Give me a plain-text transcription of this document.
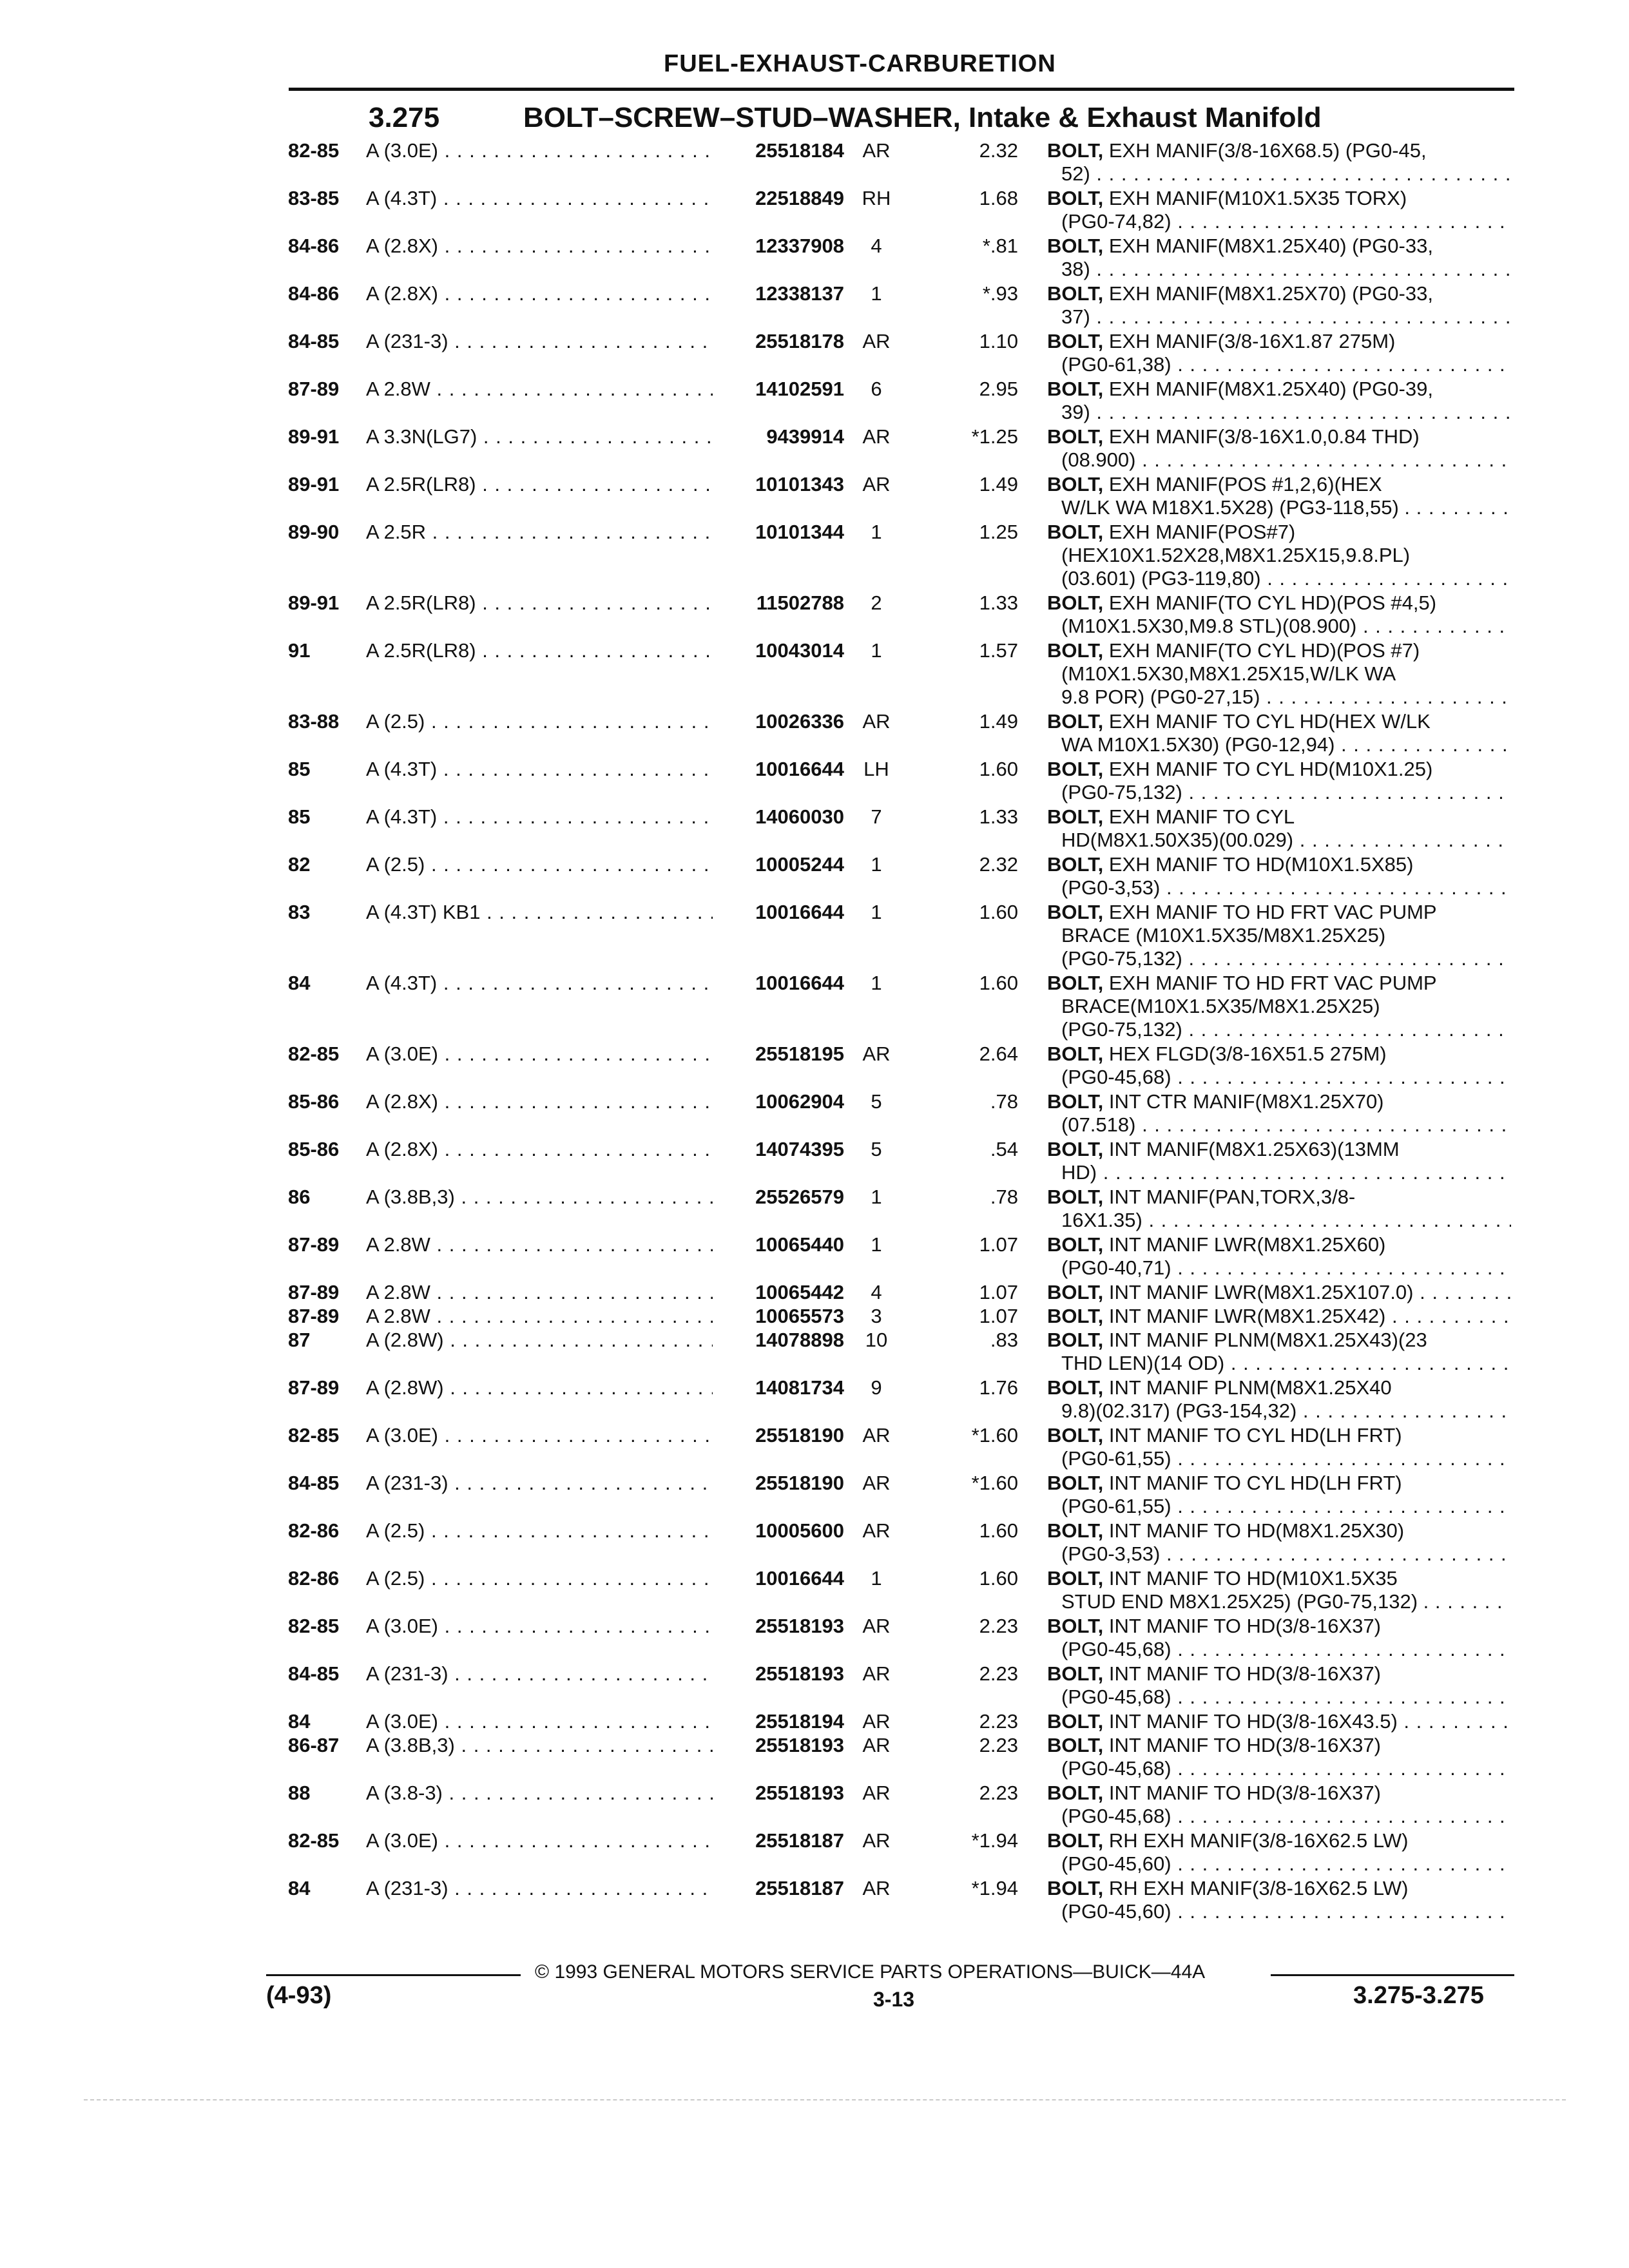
FUEL-EXHAUST-CARBURETION
3.275	BOLT–SCREW–STUD–WASHER, Intake & Exhaust Manifold
82-85 A (3.0E) . . .	25518184 AR	2.32 BOLT, EXH MANIF(3/8-16X68.5) (PG0-45,
52) . . .
83-85 A (4.3T) . . .	22518849 RH	1.68 BOLT, EXH MANIF(M10X1.5X35 TORX)
(PG0-74,82) . . .
84-86 A (2.8X) . . .	12337908	4	*.81 BOLT, EXH MANIF(M8X1.25X40) (PG0-33,
38) . . .
84-86 A (2.8X) . . .	12338137	1	*.93 BOLT, EXH MANIF(M8X1.25X70) (PG0-33,
37) . . .
84-85 A (231-3) . . .	25518178 AR	1.10 BOLT, EXH MANIF(3/8-16X1.87 275M)
(PG0-61,38) . . .
87-89 A 2.8W . . .	14102591	6	2.95 BOLT, EXH MANIF(M8X1.25X40) (PG0-39,
39) . . .
89-91 A 3.3N(LG7) . . .	9439914 AR	*1.25 BOLT, EXH MANIF(3/8-16X1.0,0.84 THD)
(08.900) . . .
89-91 A 2.5R(LR8) . . .	10101343 AR	1.49 BOLT, EXH MANIF(POS #1,2,6)(HEX
W/LK WA M18X1.5X28) (PG3-118,55) . . . .
89-90 A 2.5R . . .	10101344	1	1.25 BOLT, EXH MANIF(POS#7)
(HEX10X1.52X28,M8X1.25X15,9.8.PL)
(03.601) (PG3-119,80) . . .
89-91 A 2.5R(LR8) . . .	11502788	2	1.33 BOLT, EXH MANIF(TO CYL HD)(POS #4,5)
(M10X1.5X30,M9.8 STL)(08.900) . . .
91	A 2.5R(LR8) . . .	10043014	1	1.57 BOLT, EXH MANIF(TO CYL HD)(POS #7)
(M10X1.5X30,M8X1.25X15,W/LK WA
9.8 POR) (PG0-27,15) . . .
83-88 A (2.5) . . .	10026336 AR	1.49 BOLT, EXH MANIF TO CYL HD(HEX W/LK
WA M10X1.5X30) (PG0-12,94) . . .
85	A (4.3T) . . .	10016644 LH	1.60 BOLT, EXH MANIF TO CYL HD(M10X1.25)
(PG0-75,132) . . .
85	A (4.3T) . . .	14060030	7	1.33 BOLT, EXH MANIF TO CYL
HD(M8X1.50X35)(00.029) . . .
82	A (2.5) . . .	10005244	1	2.32 BOLT, EXH MANIF TO HD(M10X1.5X85)
(PG0-3,53) . . .
83	A (4.3T) KB1 . . .	10016644	1	1.60 BOLT, EXH MANIF TO HD FRT VAC PUMP
BRACE (M10X1.5X35/M8X1.25X25)
(PG0-75,132) . . .
84	A (4.3T) . . .	10016644	1	1.60 BOLT, EXH MANIF TO HD FRT VAC PUMP
BRACE(M10X1.5X35/M8X1.25X25)
(PG0-75,132) . . .
82-85 A (3.0E) . . .	25518195 AR	2.64 BOLT, HEX FLGD(3/8-16X51.5 275M)
(PG0-45,68) . . .
85-86 A (2.8X) . . .	10062904	5	.78 BOLT, INT CTR MANIF(M8X1.25X70)
(07.518) . . .
85-86 A (2.8X) . . .	14074395	5	.54 BOLT, INT MANIF(M8X1.25X63)(13MM
HD) . . .
86	A (3.8B,3) . . .	25526579	1	.78 BOLT, INT MANIF(PAN,TORX,3/8-
16X1.35) . . .
87-89 A 2.8W . . .	10065440	1	1.07 BOLT, INT MANIF LWR(M8X1.25X60)
(PG0-40,71) . . .
87-89 A 2.8W . . .	10065442	4	1.07 BOLT, INT MANIF LWR(M8X1.25X107.0) . . .
87-89 A 2.8W . . .	10065573	3	1.07 BOLT, INT MANIF LWR(M8X1.25X42) . . .
87	A (2.8W) . . .	14078898	10	.83 BOLT, INT MANIF PLNM(M8X1.25X43)(23
THD LEN)(14 OD) . . .
87-89 A (2.8W) . . .	14081734	9	1.76 BOLT, INT MANIF PLNM(M8X1.25X40
9.8)(02.317) (PG3-154,32) . . .
82-85 A (3.0E) . . .	25518190 AR	*1.60 BOLT, INT MANIF TO CYL HD(LH FRT)
(PG0-61,55) . . .
84-85 A (231-3) . . .	25518190 AR	*1.60 BOLT, INT MANIF TO CYL HD(LH FRT)
(PG0-61,55) . . .
82-86 A (2.5) . . .	10005600 AR	1.60 BOLT, INT MANIF TO HD(M8X1.25X30)
(PG0-3,53) . . .
82-86 A (2.5) . . .	10016644	1	1.60 BOLT, INT MANIF TO HD(M10X1.5X35
STUD END M8X1.25X25) (PG0-75,132) . . . .
82-85 A (3.0E) . . .	25518193 AR	2.23 BOLT, INT MANIF TO HD(3/8-16X37)
(PG0-45,68) . . .
84-85 A (231-3) . . .	25518193 AR	2.23 BOLT, INT MANIF TO HD(3/8-16X37)
(PG0-45,68) . . .
84	A (3.0E) . . .	25518194 AR	2.23 BOLT, INT MANIF TO HD(3/8-16X43.5) . . .
86-87 A (3.8B,3) . . .	25518193 AR	2.23 BOLT, INT MANIF TO HD(3/8-16X37)
(PG0-45,68) . . .
88	A (3.8-3) . . .	25518193 AR	2.23 BOLT, INT MANIF TO HD(3/8-16X37)
(PG0-45,68) . . .
82-85 A (3.0E) . . .	25518187 AR	*1.94 BOLT, RH EXH MANIF(3/8-16X62.5 LW)
(PG0-45,60) . . .
84	A (231-3) . . .	25518187 AR	*1.94 BOLT, RH EXH MANIF(3/8-16X62.5 LW)
(PG0-45,60) . . .
© 1993 GENERAL MOTORS SERVICE PARTS OPERATIONS—BUICK—44A
(4-93)	3-13	3.275-3.275
